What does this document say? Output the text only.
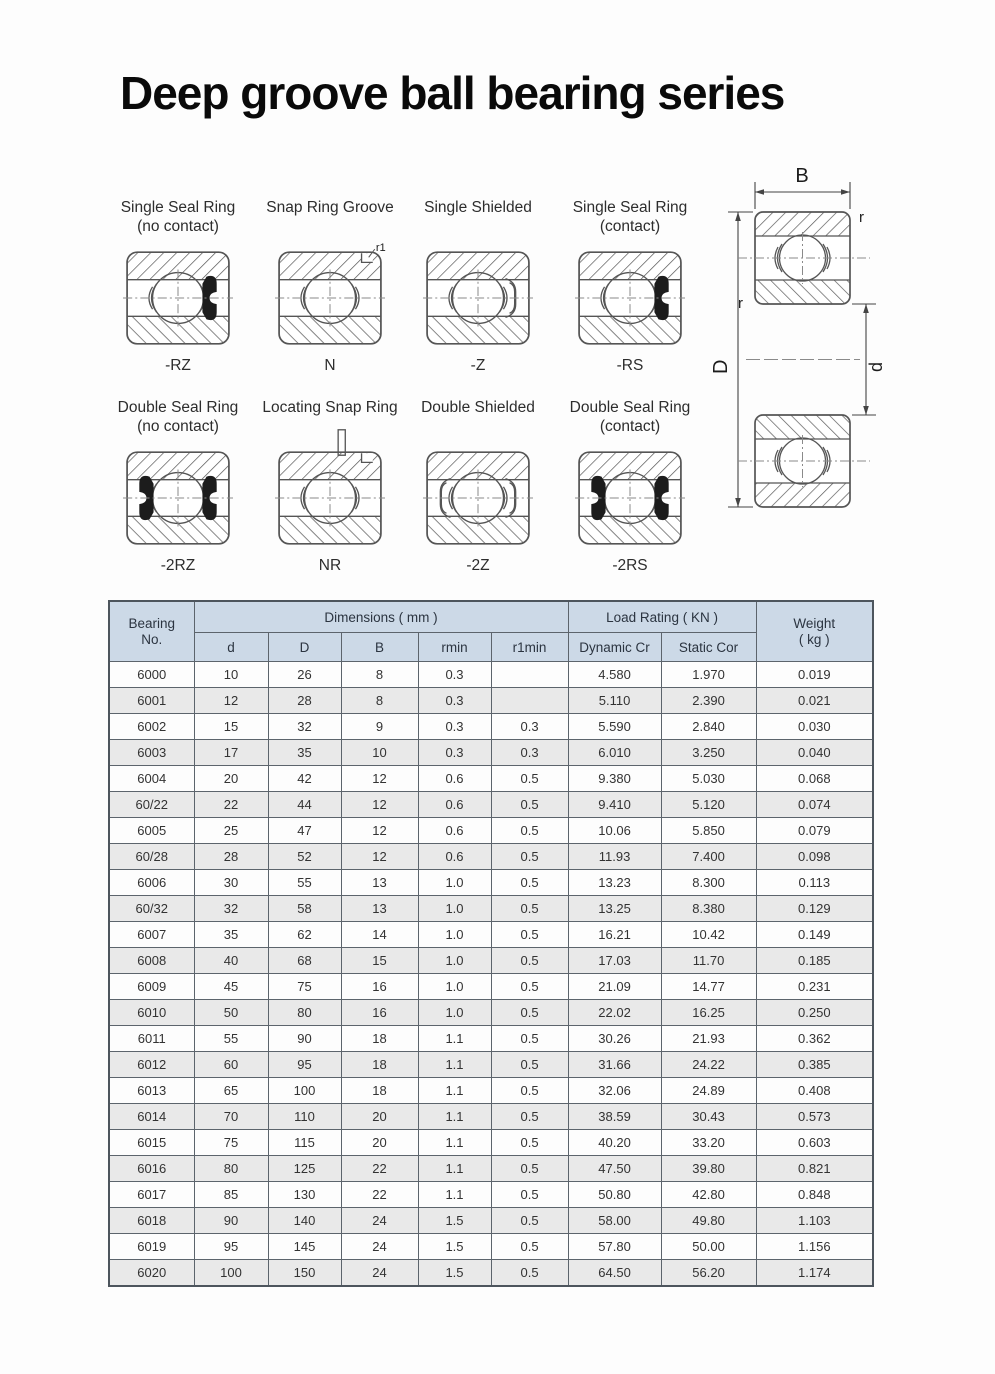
Deep groove ball bearing series
Single Seal Ring
(no contact)
-RZ
Snap Ring Groove
r1
N
Single Shielded
-Z
Single Seal Ring
(contact)
-RS
Double Seal Ring
(no contact)
-2RZ
Locating Snap Ring
NR
Double Shielded
-2Z
Double Seal Ring
(contact)
-2RS
B
r
r
D	d
Bearing
No.
	Dimensions ( mm )	Load Rating ( KN )	Weight
( kg )

	d	D	B	rmin	r1min	Dynamic Cr	Static Cor	
6000	10	26	8	0.3		4.580	1.970	0.019
6001	12	28	8	0.3		5.110	2.390	0.021
6002	15	32	9	0.3	0.3	5.590	2.840	0.030
6003	17	35	10	0.3	0.3	6.010	3.250	0.040
6004	20	42	12	0.6	0.5	9.380	5.030	0.068
60/22	22	44	12	0.6	0.5	9.410	5.120	0.074
6005	25	47	12	0.6	0.5	10.06	5.850	0.079
60/28	28	52	12	0.6	0.5	11.93	7.400	0.098
6006	30	55	13	1.0	0.5	13.23	8.300	0.113
60/32	32	58	13	1.0	0.5	13.25	8.380	0.129
6007	35	62	14	1.0	0.5	16.21	10.42	0.149
6008	40	68	15	1.0	0.5	17.03	11.70	0.185
6009	45	75	16	1.0	0.5	21.09	14.77	0.231
6010	50	80	16	1.0	0.5	22.02	16.25	0.250
6011	55	90	18	1.1	0.5	30.26	21.93	0.362
6012	60	95	18	1.1	0.5	31.66	24.22	0.385
6013	65	100	18	1.1	0.5	32.06	24.89	0.408
6014	70	110	20	1.1	0.5	38.59	30.43	0.573
6015	75	115	20	1.1	0.5	40.20	33.20	0.603
6016	80	125	22	1.1	0.5	47.50	39.80	0.821
6017	85	130	22	1.1	0.5	50.80	42.80	0.848
6018	90	140	24	1.5	0.5	58.00	49.80	1.103
6019	95	145	24	1.5	0.5	57.80	50.00	1.156
6020	100	150	24	1.5	0.5	64.50	56.20	1.174
